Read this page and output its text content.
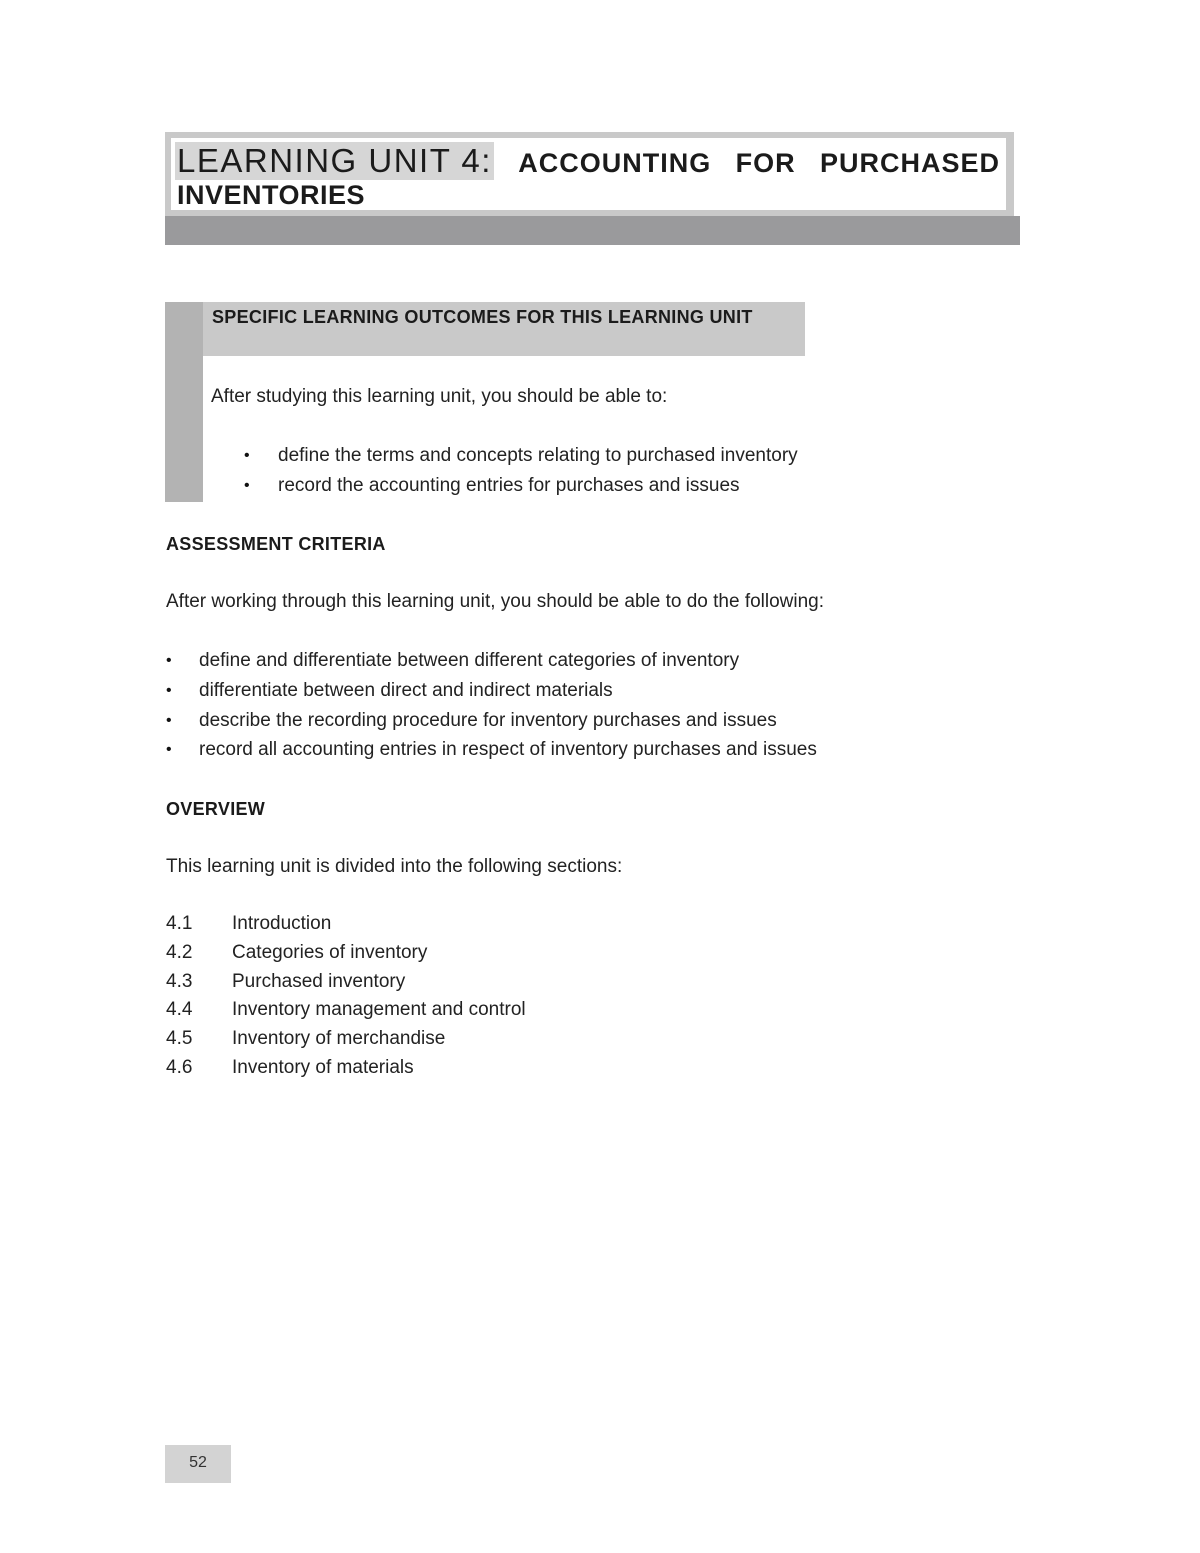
LEARNING UNIT 4: ACCOUNTING FOR PURCHASED
INVENTORIES
SPECIFIC LEARNING OUTCOMES FOR THIS LEARNING UNIT
After studying this learning unit, you should be able to:
• define the terms and concepts relating to purchased inventory
• record the accounting entries for purchases and issues
ASSESSMENT CRITERIA
After working through this learning unit, you should be able to do the following:
• define and differentiate between different categories of inventory
• differentiate between direct and indirect materials
• describe the recording procedure for inventory purchases and issues
• record all accounting entries in respect of inventory purchases and issues
OVERVIEW
This learning unit is divided into the following sections:
4.1 Introduction
4.2 Categories of inventory
4.3 Purchased inventory
4.4 Inventory management and control
4.5 Inventory of merchandise
4.6 Inventory of materials
52
